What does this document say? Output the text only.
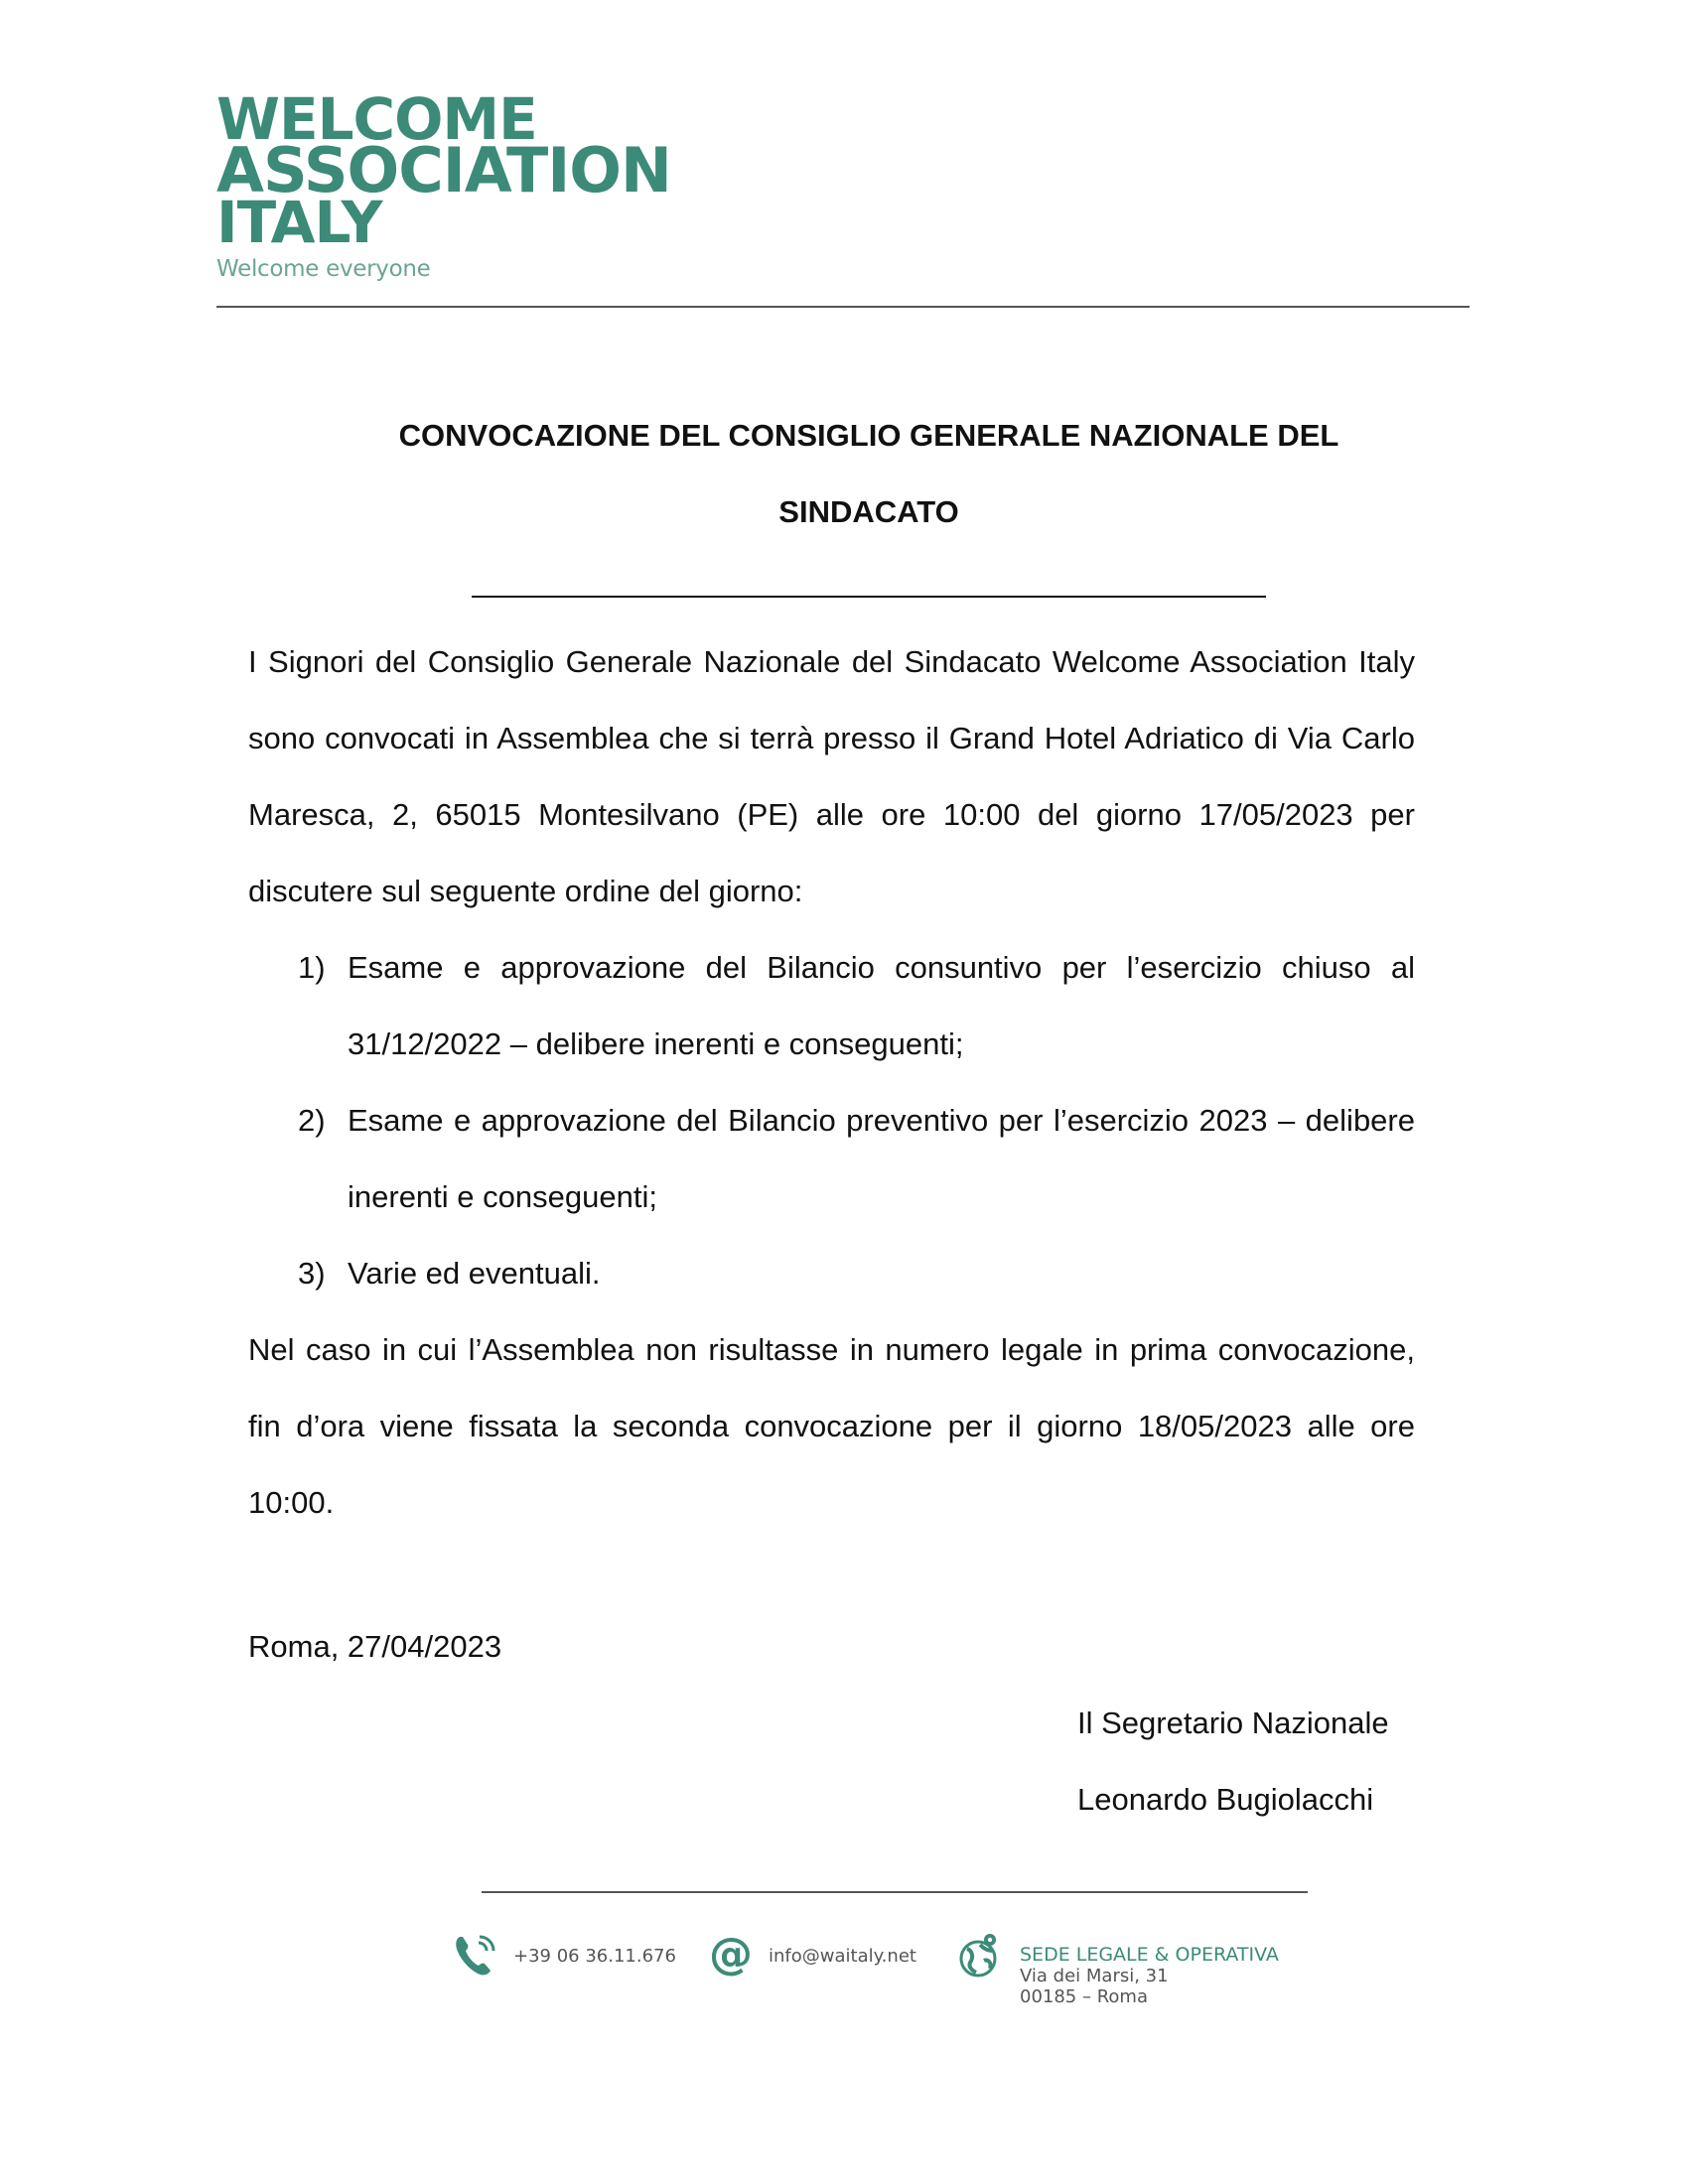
WELCOME
ASSOCIATION
ITALY
Welcome everyone
CONVOCAZIONE DEL CONSIGLIO GENERALE NAZIONALE DEL
SINDACATO

I Signori del Consiglio Generale Nazionale del Sindacato Welcome Association Italy sono convocati in Assemblea che si terrà presso il Grand Hotel Adriatico di Via Carlo Maresca, 2, 65015 Montesilvano (PE) alle ore 10:00 del giorno 17/05/2023 per discutere sul seguente ordine del giorno:

1) Esame e approvazione del Bilancio consuntivo per l’esercizio chiuso al 31/12/2022 – delibere inerenti e conseguenti;
2) Esame e approvazione del Bilancio preventivo per l’esercizio 2023 – delibere inerenti e conseguenti;
3) Varie ed eventuali.

Nel caso in cui l’Assemblea non risultasse in numero legale in prima convocazione, fin d’ora viene fissata la seconda convocazione per il giorno 18/05/2023 alle ore 10:00.

Roma, 27/04/2023
Il Segretario Nazionale
Leonardo Bugiolacchi
+39 06 36.11.676 @ info@waitaly.net	SEDE LEGALE & OPERATIVA
Via dei Marsi, 31
00185 – Roma
